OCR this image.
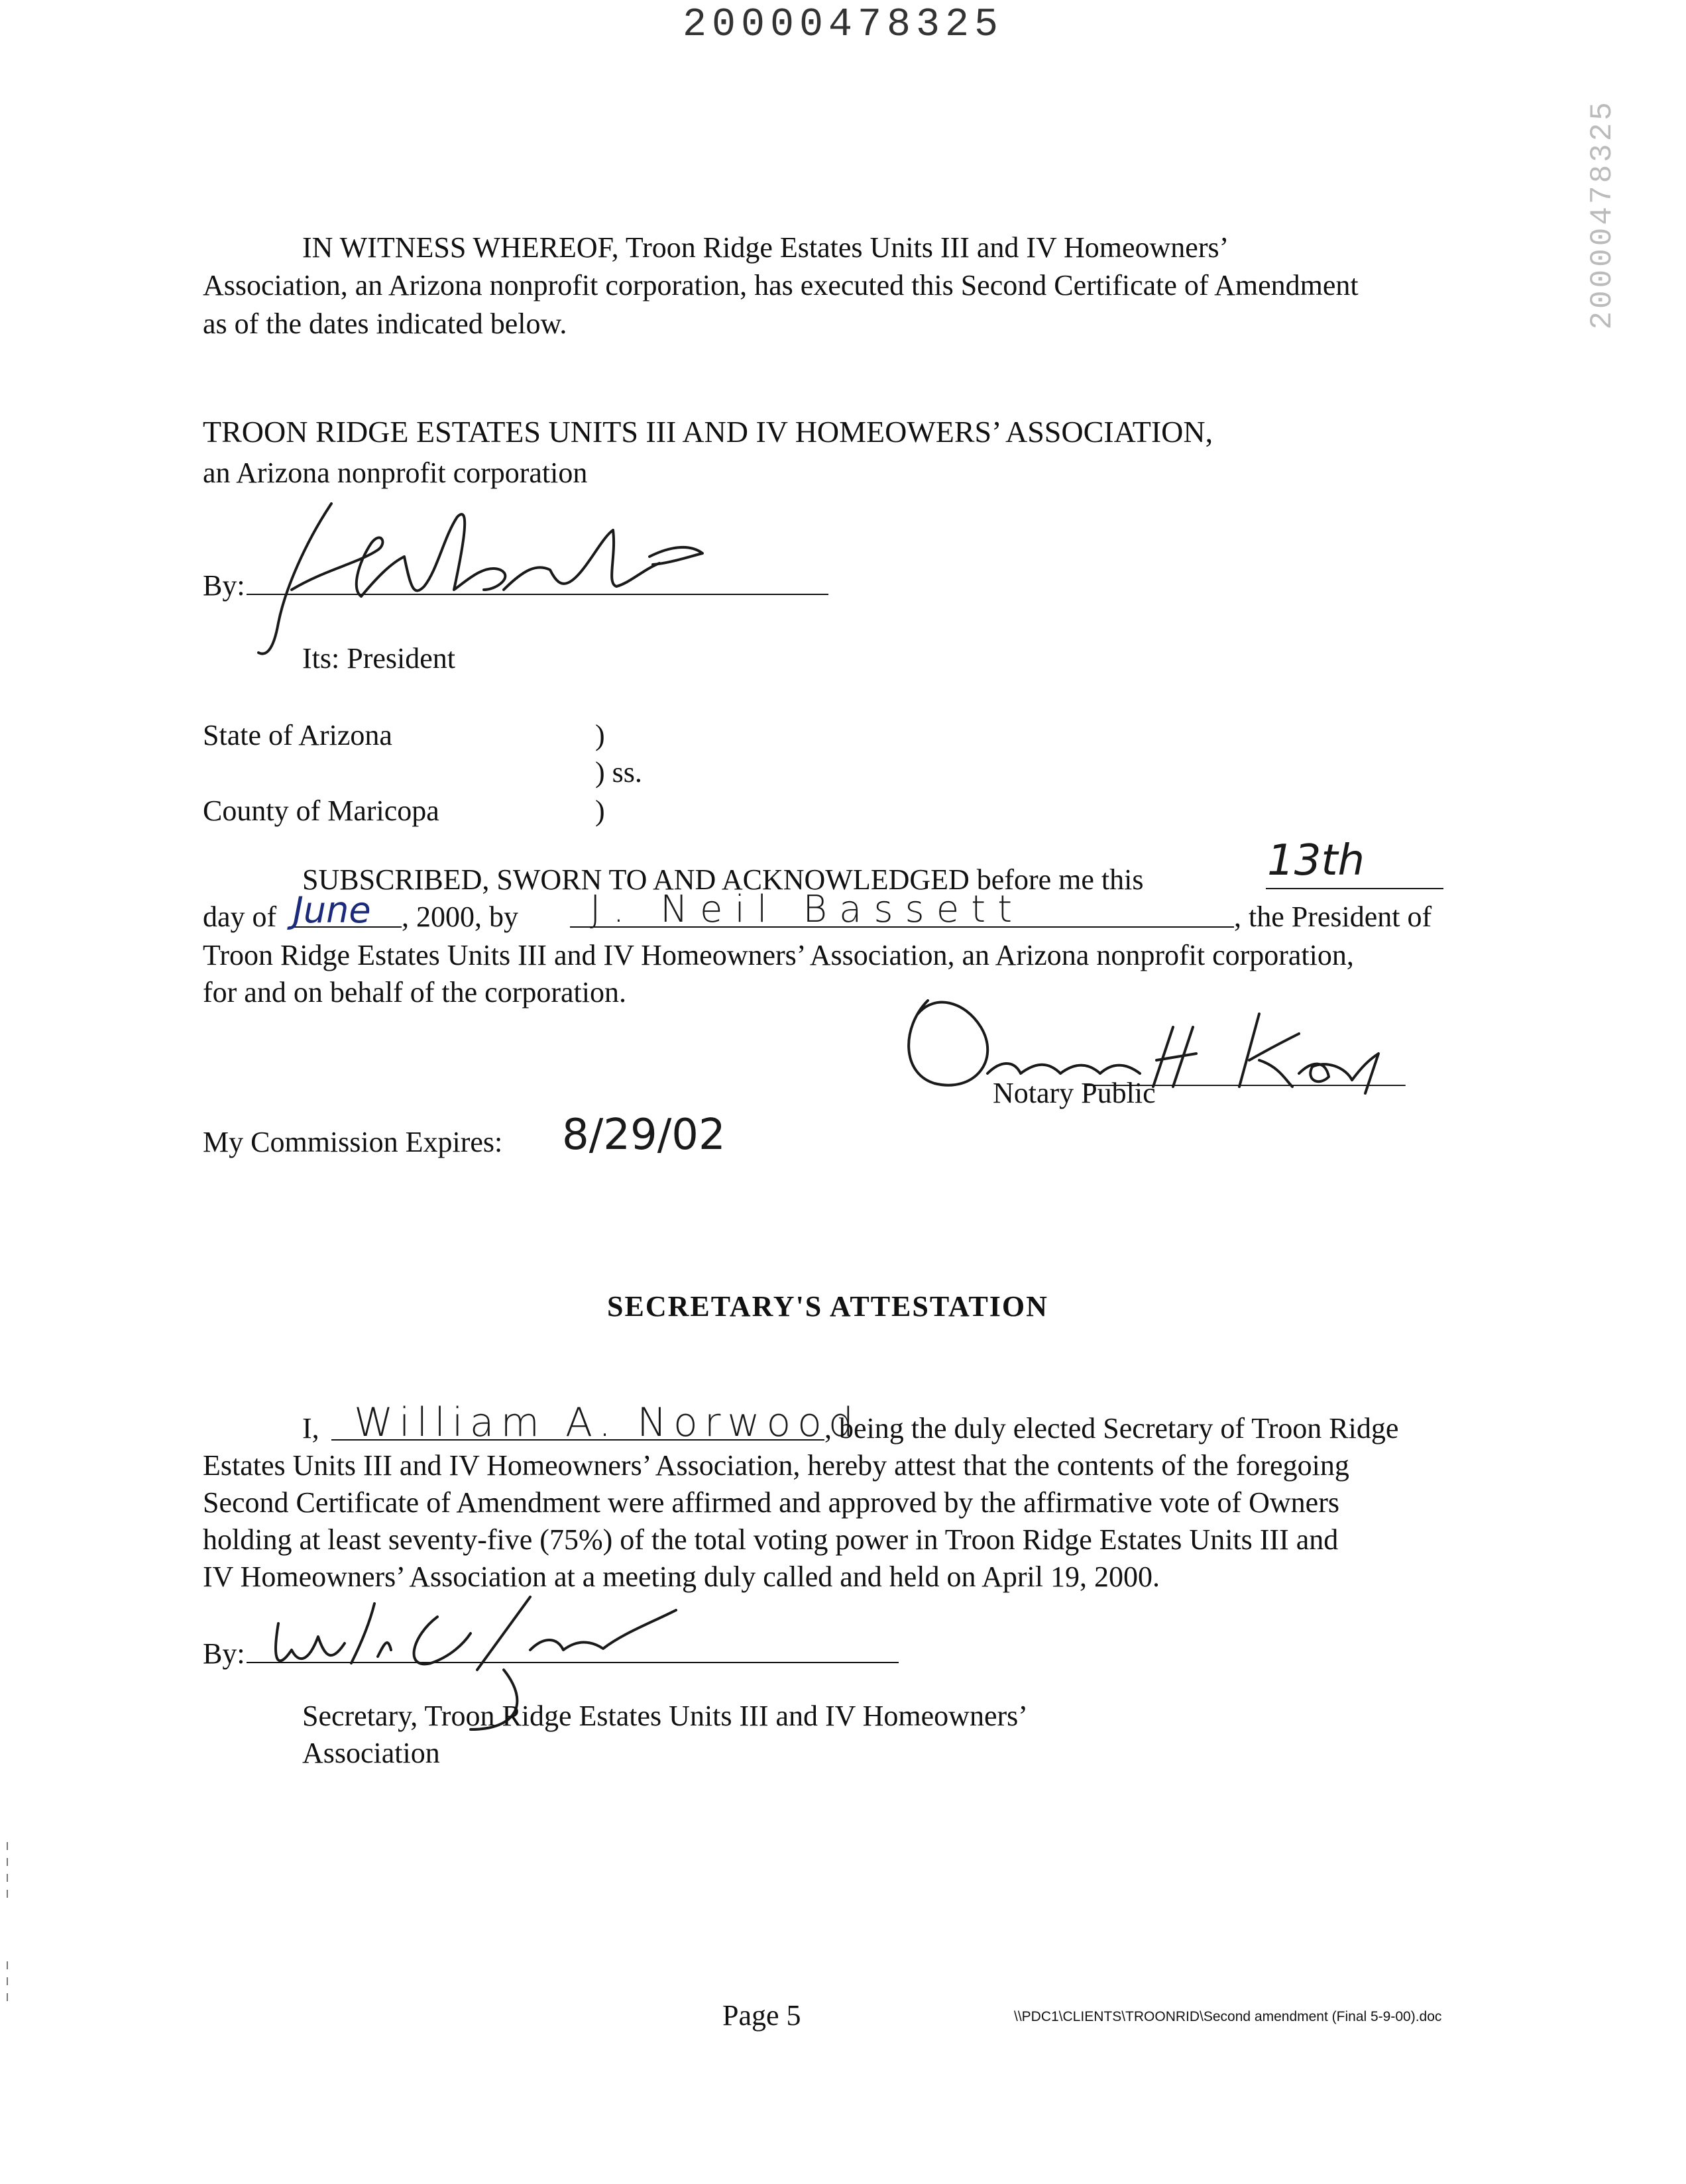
20000478325
20000478325
IN WITNESS WHEREOF, Troon Ridge Estates Units III and IV Homeowners’
Association, an Arizona nonprofit corporation, has executed this Second Certificate of Amendment
as of the dates indicated below.
TROON RIDGE ESTATES UNITS III AND IV HOMEOWERS’ ASSOCIATION,
an Arizona nonprofit corporation
By:
Its: President
State of Arizona	)
) ss.
County of Maricopa	)
SUBSCRIBED, SWORN TO AND ACKNOWLEDGED before me this	13th
day of June , 2000, by J. Neil Bassett	, the President of
Troon Ridge Estates Units III and IV Homeowners’ Association, an Arizona nonprofit corporation,
for and on behalf of the corporation.
Notary Public
My Commission Expires: 8/29/02
SECRETARY'S ATTESTATION
I, William A. Norwood
, being the duly elected Secretary of Troon Ridge
Estates Units III and IV Homeowners’ Association, hereby attest that the contents of the foregoing
Second Certificate of Amendment were affirmed and approved by the affirmative vote of Owners
holding at least seventy-five (75%) of the total voting power in Troon Ridge Estates Units III and
IV Homeowners’ Association at a meeting duly called and held on April 19, 2000.
By:
Secretary, Troon Ridge Estates Units III and IV Homeowners’
Association
Page 5	\\PDC1\CLIENTS\TROONRID\Second amendment (Final 5-9-00).doc
